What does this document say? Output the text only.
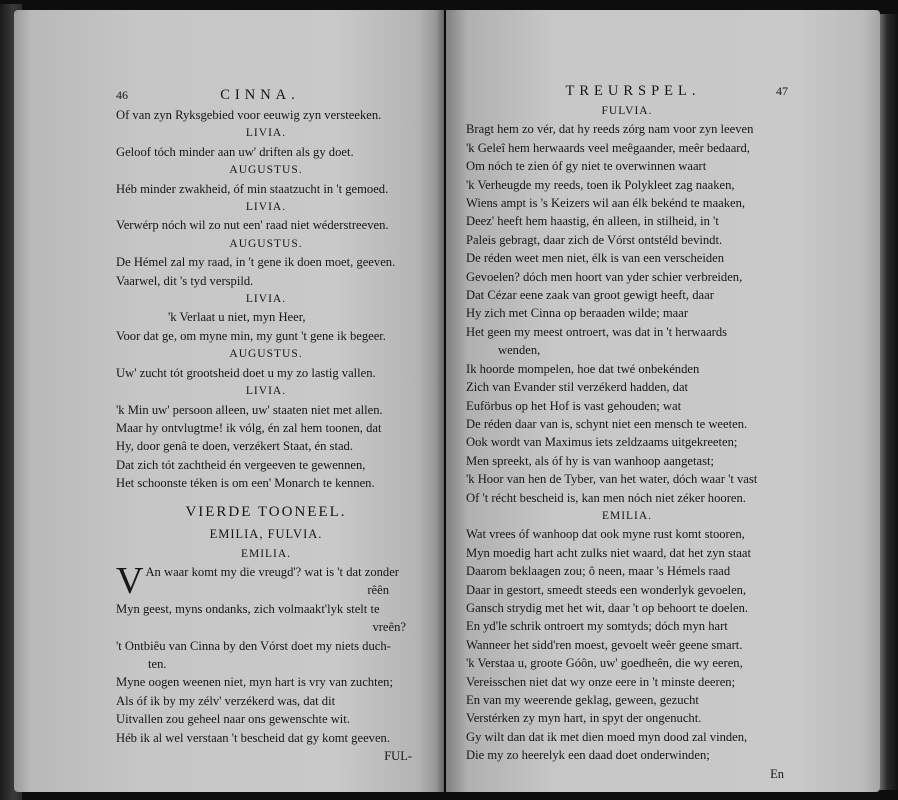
46	CINNA.
Of van zyn Ryksgebied voor eeuwig zyn versteeken.
LIVIA.
Geloof tóch minder aan uw' driften als gy doet.
AUGUSTUS.
Héb minder zwakheid, óf min staatzucht in 't gemoed.
LIVIA.
Verwérp nóch wil zo nut een' raad niet wéderstreeven.
AUGUSTUS.
De Hémel zal my raad, in 't gene ik doen moet, geeven.
Vaarwel, dit 's tyd verspild.
LIVIA.
'k Verlaat u niet, myn Heer,
Voor dat ge, om myne min, my gunt 't gene ik begeer.
AUGUSTUS.
Uw' zucht tót grootsheid doet u my zo lastig vallen.
LIVIA.
'k Min uw' persoon alleen, uw' staaten niet met allen.
Maar hy ontvlugtme! ik vólg, én zal hem toonen, dat
Hy, door genâ te doen, verzékert Staat, én stad.
Dat zich tót zachtheid én vergeeven te gewennen,
Het schoonste téken is om een' Monarch te kennen.
VIERDE TOONEEL.
EMILIA, FULVIA.
EMILIA.
V An waar komt my die vreugd'? wat is 't dat zonder
rêên
Myn geest, myns ondanks, zich volmaakt'lyk stelt te
vreên?
't Ontbiêu van Cinna by den Vórst doet my niets duch-
ten.
Myne oogen weenen niet, myn hart is vry van zuchten;
Als óf ik by my zélv' verzékerd was, dat dit
Uitvallen zou geheel naar ons gewenschte wit.
Héb ik al wel verstaan 't bescheid dat gy komt geeven.
FUL-
TREURSPEL.	47
FULVIA.
Bragt hem zo vér, dat hy reeds zórg nam voor zyn leeven
'k Geleî hem herwaards veel meêgaander, meêr bedaard,
Om nóch te zien óf gy niet te overwinnen waart
'k Verheugde my reeds, toen ik Polykleet zag naaken,
Wiens ampt is 's Keizers wil aan élk bekénd te maaken,
Deez' heeft hem haastig, én alleen, in stilheid, in 't
Paleis gebragt, daar zich de Vórst ontstéld bevindt.
De réden weet men niet, élk is van een verscheiden
Gevoelen? dóch men hoort van yder schier verbreiden,
Dat Cézar eene zaak van groot gewigt heeft, daar
Hy zich met Cinna op beraaden wilde; maar
Het geen my meest ontroert, was dat in 't herwaards
wenden,
Ik hoorde mompelen, hoe dat twé onbekénden
Zich van Evander stil verzékerd hadden, dat
Euförbus op het Hof is vast gehouden; wat
De réden daar van is, schynt niet een mensch te weeten.
Ook wordt van Maximus iets zeldzaams uitgekreeten;
Men spreekt, als óf hy is van wanhoop aangetast;
'k Hoor van hen de Tyber, van het water, dóch waar 't vast
Of 't récht bescheid is, kan men nóch niet zéker hooren.
EMILIA.
Wat vrees óf wanhoop dat ook myne rust komt stooren,
Myn moedig hart acht zulks niet waard, dat het zyn staat
Daarom beklaagen zou; ô neen, maar 's Hémels raad
Daar in gestort, smeedt steeds een wonderlyk gevoelen,
Gansch strydig met het wit, daar 't op behoort te doelen.
En yd'le schrik ontroert my somtyds; dóch myn hart
Wanneer het sidd'ren moest, gevoelt weêr geene smart.
'k Verstaa u, groote Góôn, uw' goedheên, die wy eeren,
Vereisschen niet dat wy onze eere in 't minste deeren;
En van my weerende geklag, geween, gezucht
Verstérken zy myn hart, in spyt der ongenucht.
Gy wilt dan dat ik met dien moed myn dood zal vinden,
Die my zo heerelyk een daad doet onderwinden;
En
